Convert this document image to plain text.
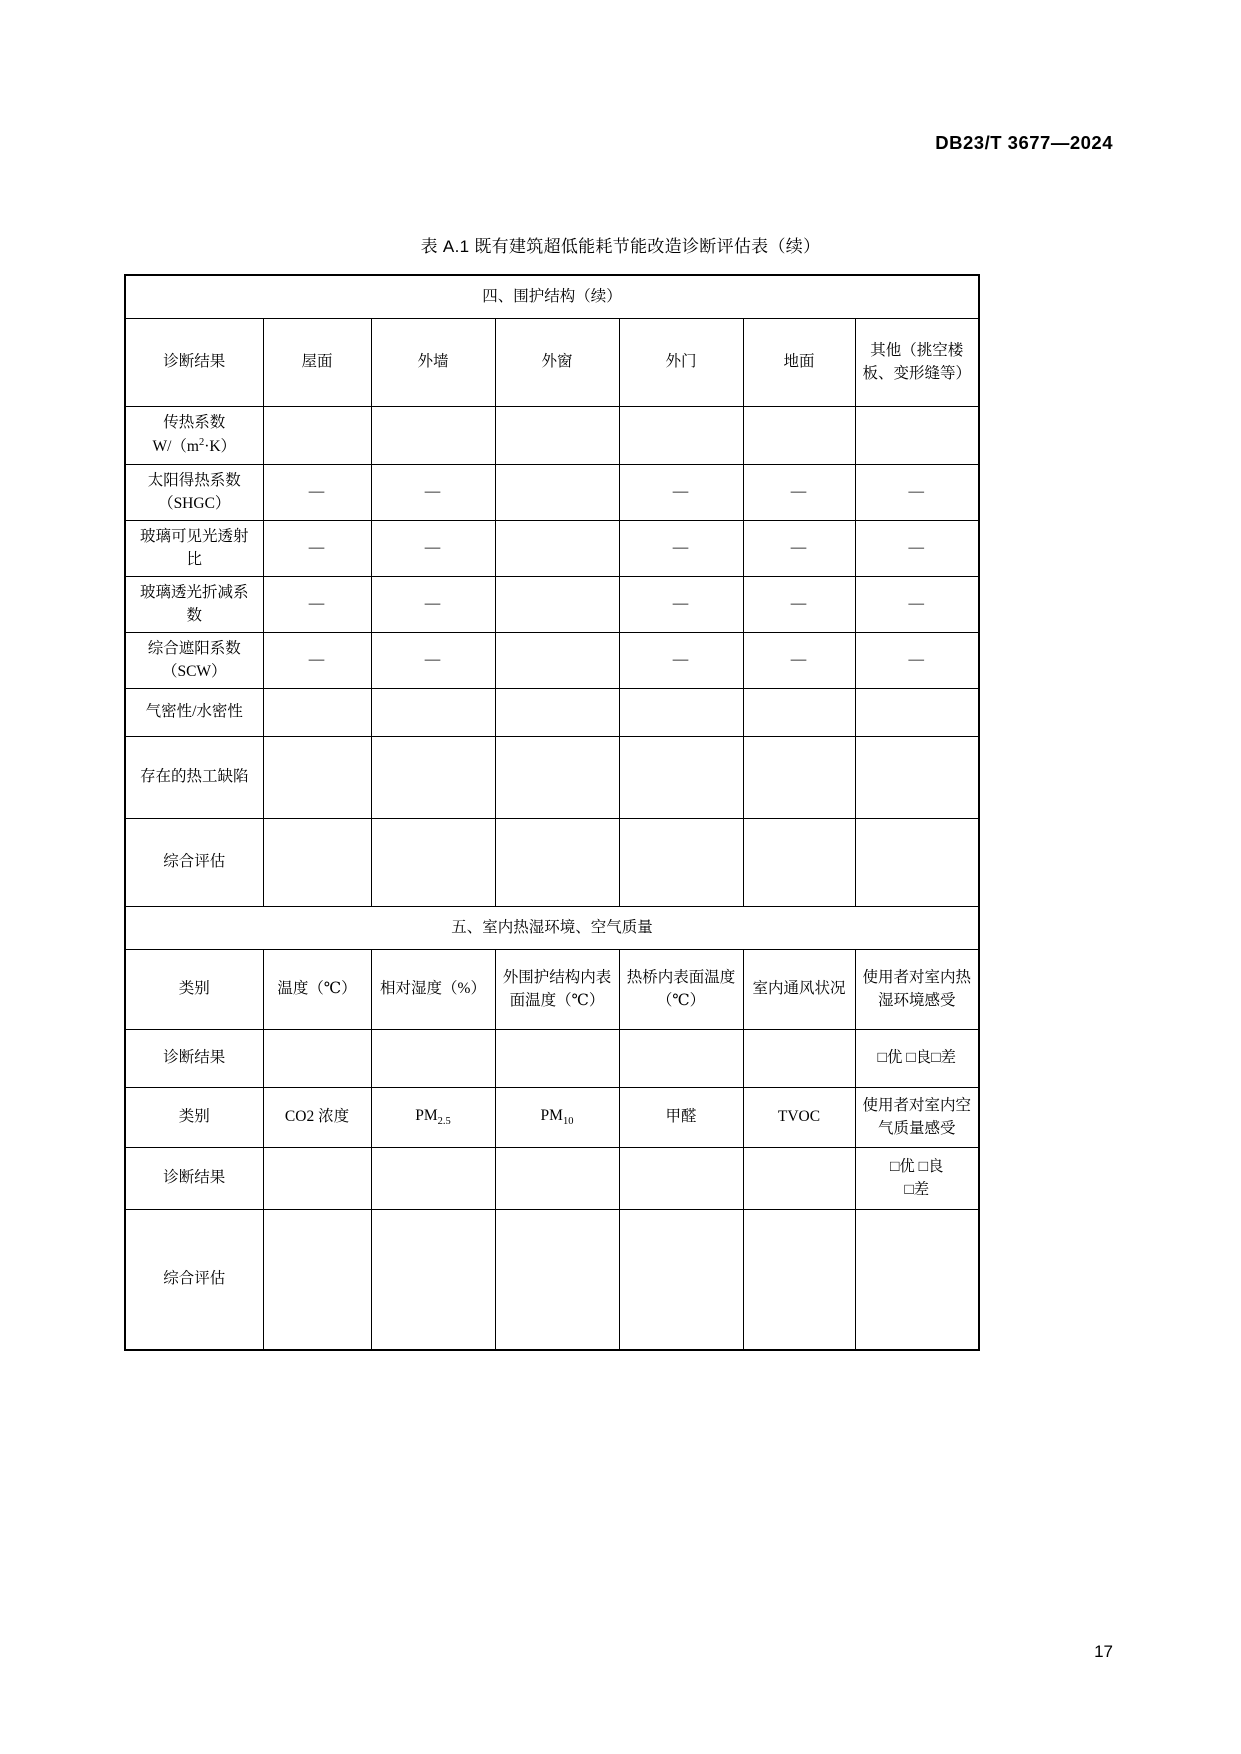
DB23/T 3677—2024
表 A.1 既有建筑超低能耗节能改造诊断评估表（续）
四、围护结构（续）						
诊断结果	屋面	外墙	外窗	外门	地面	其他（挑空楼板、变形缝等）

传热系数
$W/(m^2\cdot K)$						

太阳得热系数
（SHGC）	—	—		—	—	—

玻璃可见光透射
比	—	—		—	—	—

玻璃透光折减系
数	—	—		—	—	—

综合遮阳系数
（SCW）	—	—		—	—	—
气密性/水密性						
存在的热工缺陷						
综合评估						
五、室内热湿环境、空气质量						
类别	温度（℃）	相对湿度（%）	外围护结构内表面温度（℃）	热桥内表面温度（℃）	室内通风状况	使用者对室内热湿环境感受
诊断结果						□优 □良□差
类别	CO2 浓度	$PM_{2.5}$	$PM_{10}$	甲醛	TVOC	使用者对室内空气质量感受
诊断结果						□优 □良
□差

综合评估						
17
